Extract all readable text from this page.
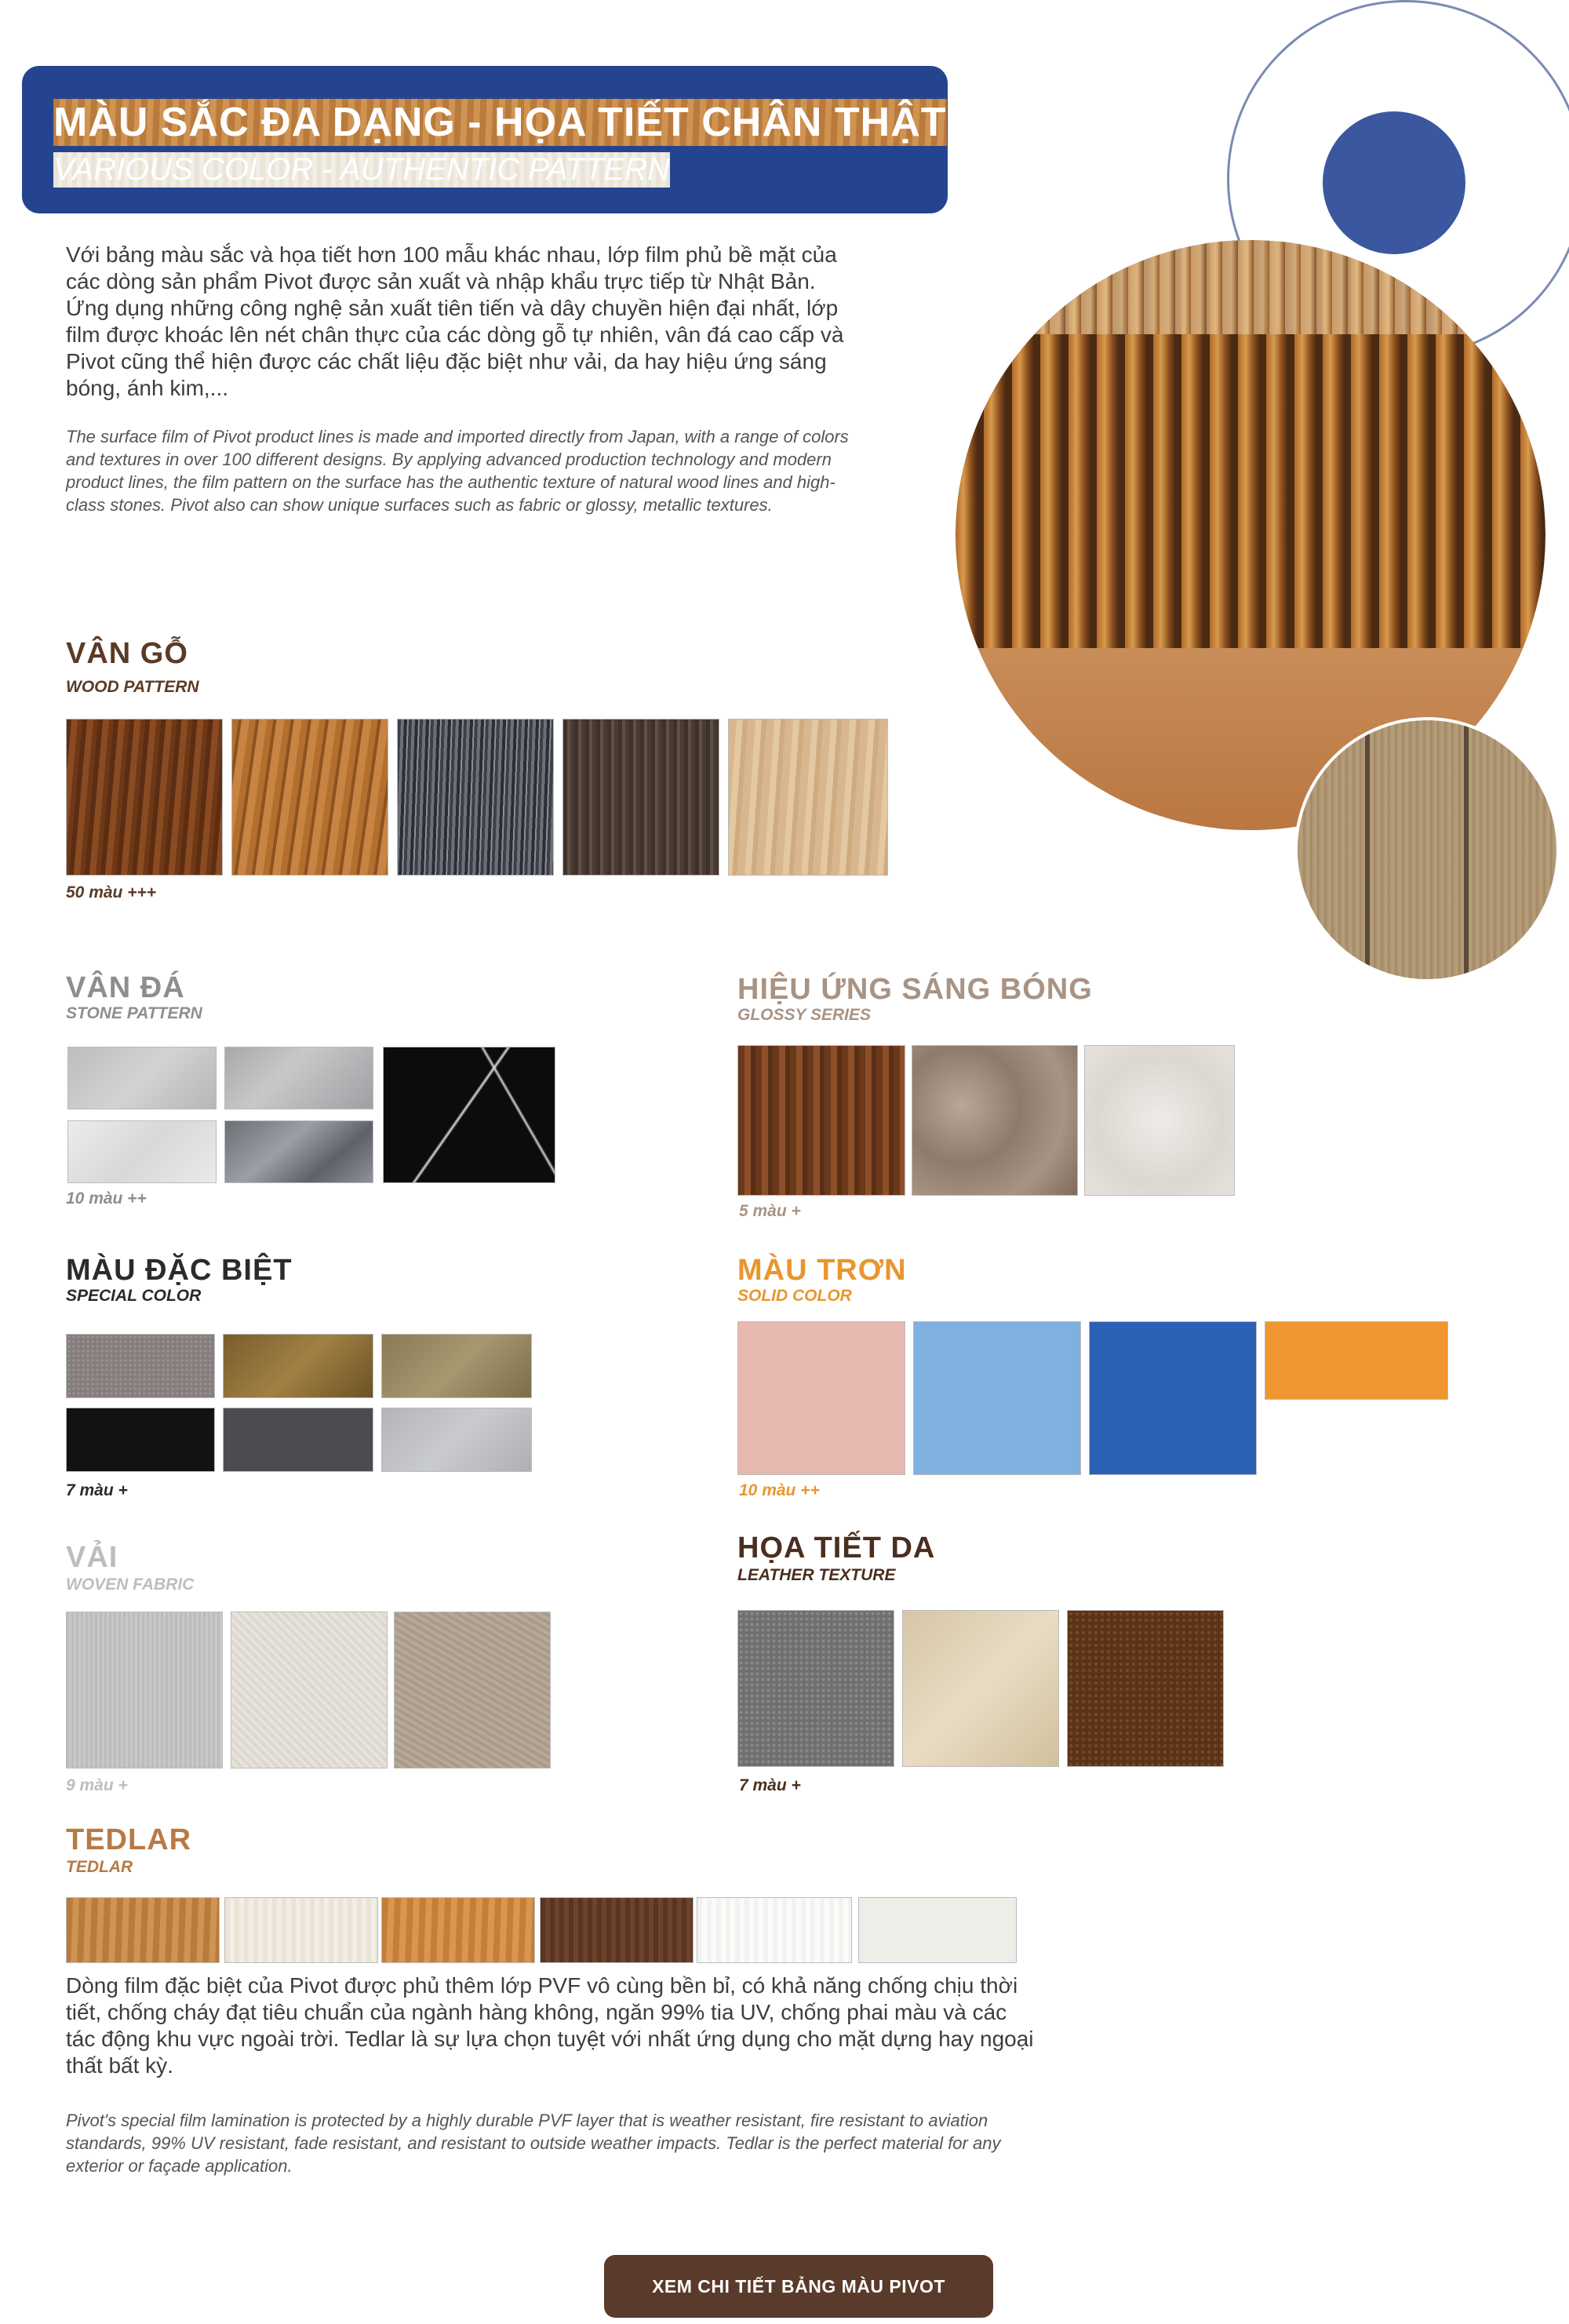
MÀU SẮC ĐA DẠNG - HỌA TIẾT CHÂN THẬT
VARIOUS COLOR - AUTHENTIC PATTERN
Với bảng màu sắc và họa tiết hơn 100 mẫu khác nhau, lớp film phủ bề mặt của các dòng sản phẩm Pivot được sản xuất và nhập khẩu trực tiếp từ Nhật Bản. Ứng dụng những công nghệ sản xuất tiên tiến và dây chuyền hiện đại nhất, lớp film được khoác lên nét chân thực của các dòng gỗ tự nhiên, vân đá cao cấp và Pivot cũng thể hiện được các chất liệu đặc biệt như vải, da hay hiệu ứng sáng bóng, ánh kim,...
The surface film of Pivot product lines is made and imported directly from Japan, with a range of colors and textures in over 100 different designs. By applying advanced production technology and modern product lines, the film pattern on the surface has the authentic texture of natural wood lines and high-class stones. Pivot also can show unique surfaces such as fabric or glossy, metallic textures.
VÂN GỖ
WOOD PATTERN
50 màu +++
VÂN ĐÁ
STONE PATTERN
10 màu ++
HIỆU ỨNG SÁNG BÓNG
GLOSSY SERIES
5 màu +
MÀU ĐẶC BIỆT
SPECIAL COLOR
7 màu +
MÀU TRƠN
SOLID COLOR
10 màu ++
VẢI
WOVEN FABRIC
9 màu +
HỌA TIẾT DA
LEATHER TEXTURE
7 màu +
TEDLAR
TEDLAR
Dòng film đặc biệt của Pivot được phủ thêm lớp PVF vô cùng bền bỉ, có khả năng chống chịu thời tiết, chống cháy đạt tiêu chuẩn của ngành hàng không, ngăn 99% tia UV, chống phai màu và các tác động khu vực ngoài trời. Tedlar là sự lựa chọn tuyệt với nhất ứng dụng cho mặt dựng hay ngoại thất bất kỳ.
Pivot's special film lamination is protected by a highly durable PVF layer that is weather resistant, fire resistant to aviation standards, 99% UV resistant, fade resistant, and resistant to outside weather impacts. Tedlar is the perfect material for any exterior or façade application.
XEM CHI TIẾT BẢNG MÀU PIVOT
